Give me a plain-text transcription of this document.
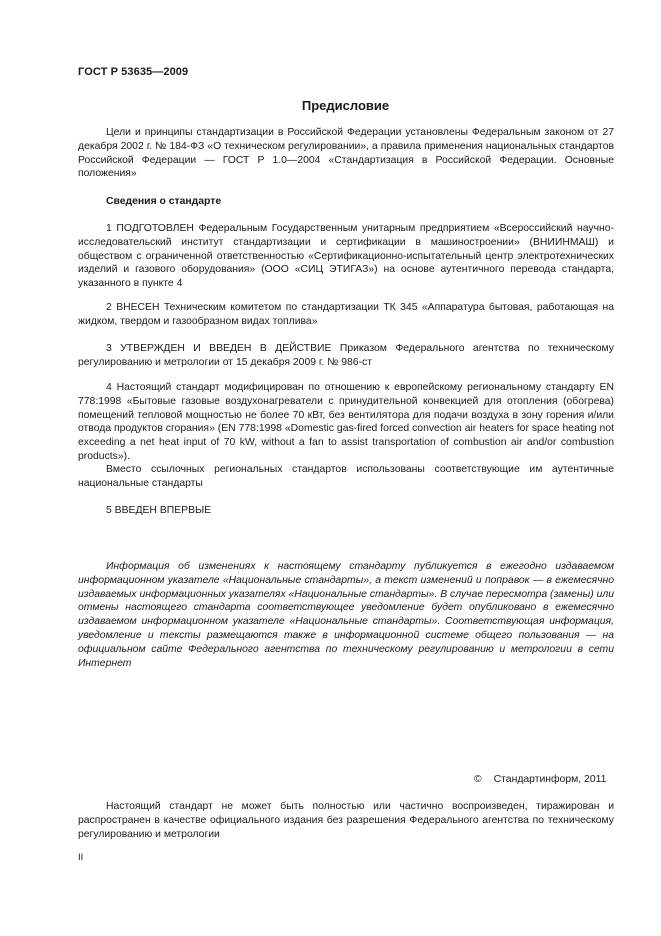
ГОСТ Р 53635—2009
Предисловие

Цели и принципы стандартизации в Российской Федерации установлены Федеральным законом от 27 декабря 2002 г. № 184-ФЗ «О техническом регулировании», а правила применения национальных стандартов Российской Федерации — ГОСТ Р 1.0—2004 «Стандартизация в Российской Федерации. Основные положения»

Сведения о стандарте

1 ПОДГОТОВЛЕН Федеральным Государственным унитарным предприятием «Всероссийский научно-исследовательский институт стандартизации и сертификации в машиностроении» (ВНИИНМАШ) и обществом с ограниченной ответственностью «Сертификационно-испытательный центр электротехнических изделий и газового оборудования» (ООО «СИЦ ЭТИГАЗ») на основе аутентичного перевода стандарта, указанного в пункте 4

2 ВНЕСЕН Техническим комитетом по стандартизации ТК 345 «Аппаратура бытовая, работающая на жидком, твердом и газообразном видах топлива»

3 УТВЕРЖДЕН И ВВЕДЕН В ДЕЙСТВИЕ Приказом Федерального агентства по техническому регулированию и метрологии от 15 декабря 2009 г. № 986-ст

4 Настоящий стандарт модифицирован по отношению к европейскому региональному стандарту EN 778:1998 «Бытовые газовые воздухонагреватели с принудительной конвекцией для отопления (обогрева) помещений тепловой мощностью не более 70 кВт, без вентилятора для подачи воздуха в зону горения и/или отвода продуктов сгорания» (EN 778:1998 «Domestic gas-fired forced convection air heaters for space heating not exceeding a net heat input of 70 kW, without a fan to assist transportation of combustion air and/or combustion products»).

Вместо ссылочных региональных стандартов использованы соответствующие им аутентичные национальные стандарты

5 ВВЕДЕН ВПЕРВЫЕ

Информация об изменениях к настоящему стандарту публикуется в ежегодно издаваемом информационном указателе «Национальные стандарты», а текст изменений и поправок — в ежемесячно издаваемых информационных указателях «Национальные стандарты». В случае пересмотра (замены) или отмены настоящего стандарта соответствующее уведомление будет опубликовано в ежемесячно издаваемом информационном указателе «Национальные стандарты». Соответствующая информация, уведомление и тексты размещаются также в информационной системе общего пользования — на официальном сайте Федерального агентства по техническому регулированию и метрологии в сети Интернет

© Стандартинформ, 2011

Настоящий стандарт не может быть полностью или частично воспроизведен, тиражирован и распространен в качестве официального издания без разрешения Федерального агентства по техническому регулированию и метрологии

II
